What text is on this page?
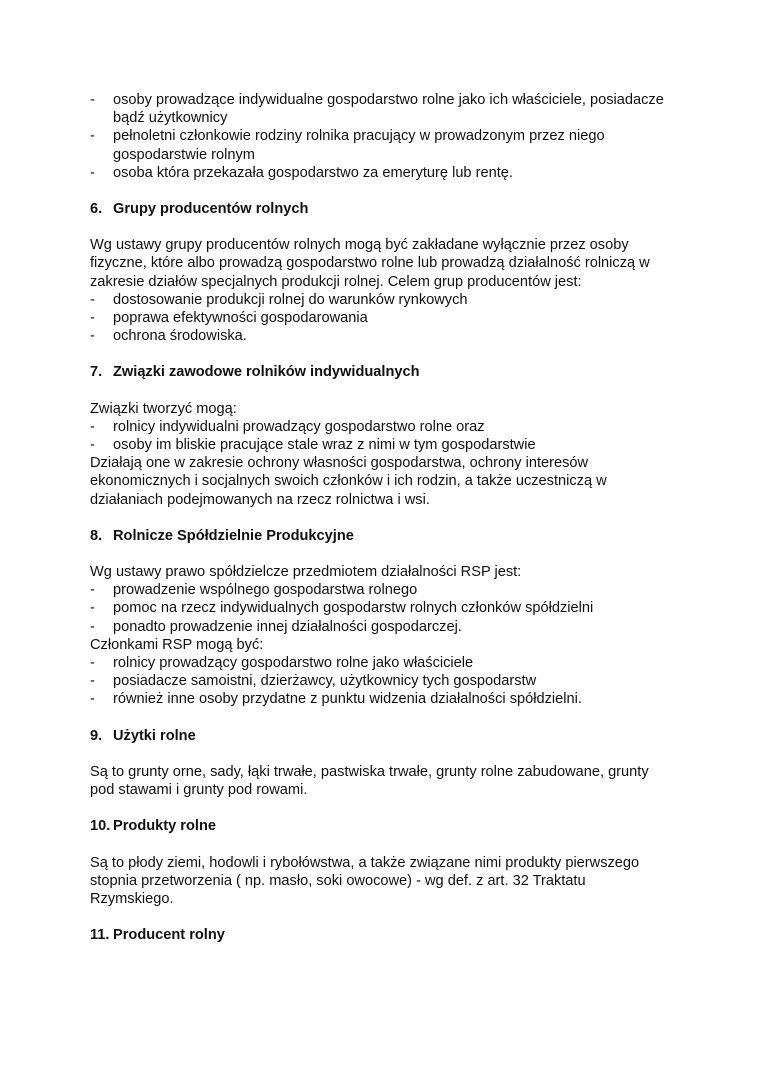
- osoby prowadzące indywidualne gospodarstwo rolne jako ich właściciele, posiadacze bądź użytkownicy
- pełnoletni członkowie rodziny rolnika pracujący w prowadzonym przez niego gospodarstwie rolnym
- osoba która przekazała gospodarstwo za emeryturę lub rentę.
6. Grupy producentów rolnych

Wg ustawy grupy producentów rolnych mogą być zakładane wyłącznie przez osoby fizyczne, które albo prowadzą gospodarstwo rolne lub prowadzą działalność rolniczą w zakresie działów specjalnych produkcji rolnej. Celem grup producentów jest:

- dostosowanie produkcji rolnej do warunków rynkowych
- poprawa efektywności gospodarowania
- ochrona środowiska.
7. Związki zawodowe rolników indywidualnych

Związki tworzyć mogą:

- rolnicy indywidualni prowadzący gospodarstwo rolne oraz
- osoby im bliskie pracujące stale wraz z nimi w tym gospodarstwie

Działają one w zakresie ochrony własności gospodarstwa, ochrony interesów ekonomicznych i socjalnych swoich członków i ich rodzin, a także uczestniczą w działaniach podejmowanych na rzecz rolnictwa i wsi.

8. Rolnicze Spółdzielnie Produkcyjne

Wg ustawy prawo spółdzielcze przedmiotem działalności RSP jest:

- prowadzenie wspólnego gospodarstwa rolnego
- pomoc na rzecz indywidualnych gospodarstw rolnych członków spółdzielni
- ponadto prowadzenie innej działalności gospodarczej.

Członkami RSP mogą być:

- rolnicy prowadzący gospodarstwo rolne jako właściciele
- posiadacze samoistni, dzierżawcy, użytkownicy tych gospodarstw
- również inne osoby przydatne z punktu widzenia działalności spółdzielni.
9. Użytki rolne

Są to grunty orne, sady, łąki trwałe, pastwiska trwałe, grunty rolne zabudowane, grunty pod stawami i grunty pod rowami.

10. Produkty rolne

Są to płody ziemi, hodowli i rybołówstwa, a także związane nimi produkty pierwszego stopnia przetworzenia ( np. masło, soki owocowe) - wg def. z art. 32 Traktatu Rzymskiego.

11. Producent rolny
